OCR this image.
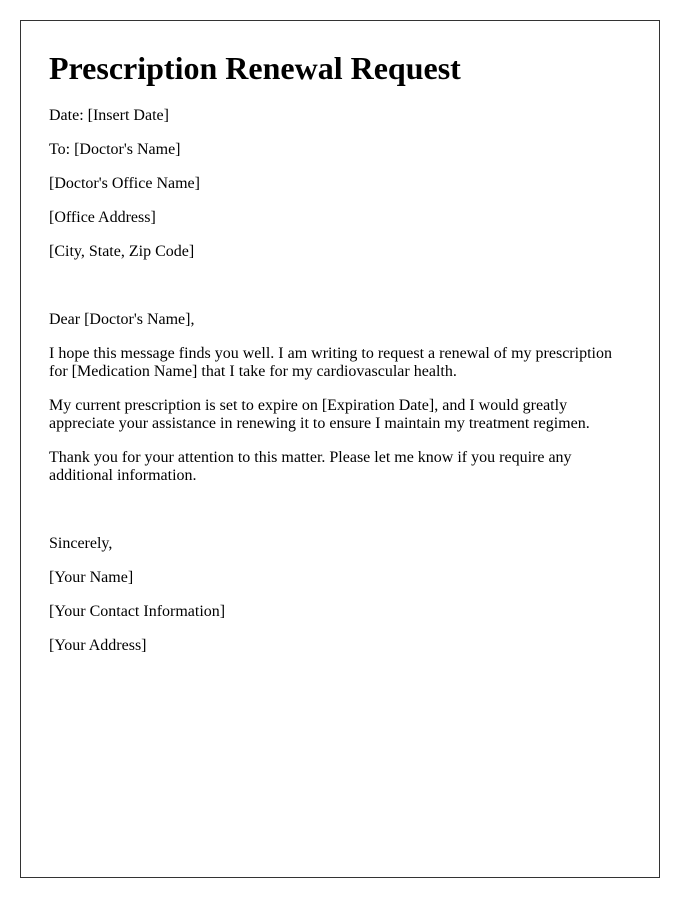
Prescription Renewal Request
Date: [Insert Date]
To: [Doctor's Name]
[Doctor's Office Name]
[Office Address]
[City, State, Zip Code]
Dear [Doctor's Name],

I hope this message finds you well. I am writing to request a renewal of my prescription for [Medication Name] that I take for my cardiovascular health.

My current prescription is set to expire on [Expiration Date], and I would greatly appreciate your assistance in renewing it to ensure I maintain my treatment regimen.

Thank you for your attention to this matter. Please let me know if you require any additional information.

Sincerely,
[Your Name]
[Your Contact Information]
[Your Address]
